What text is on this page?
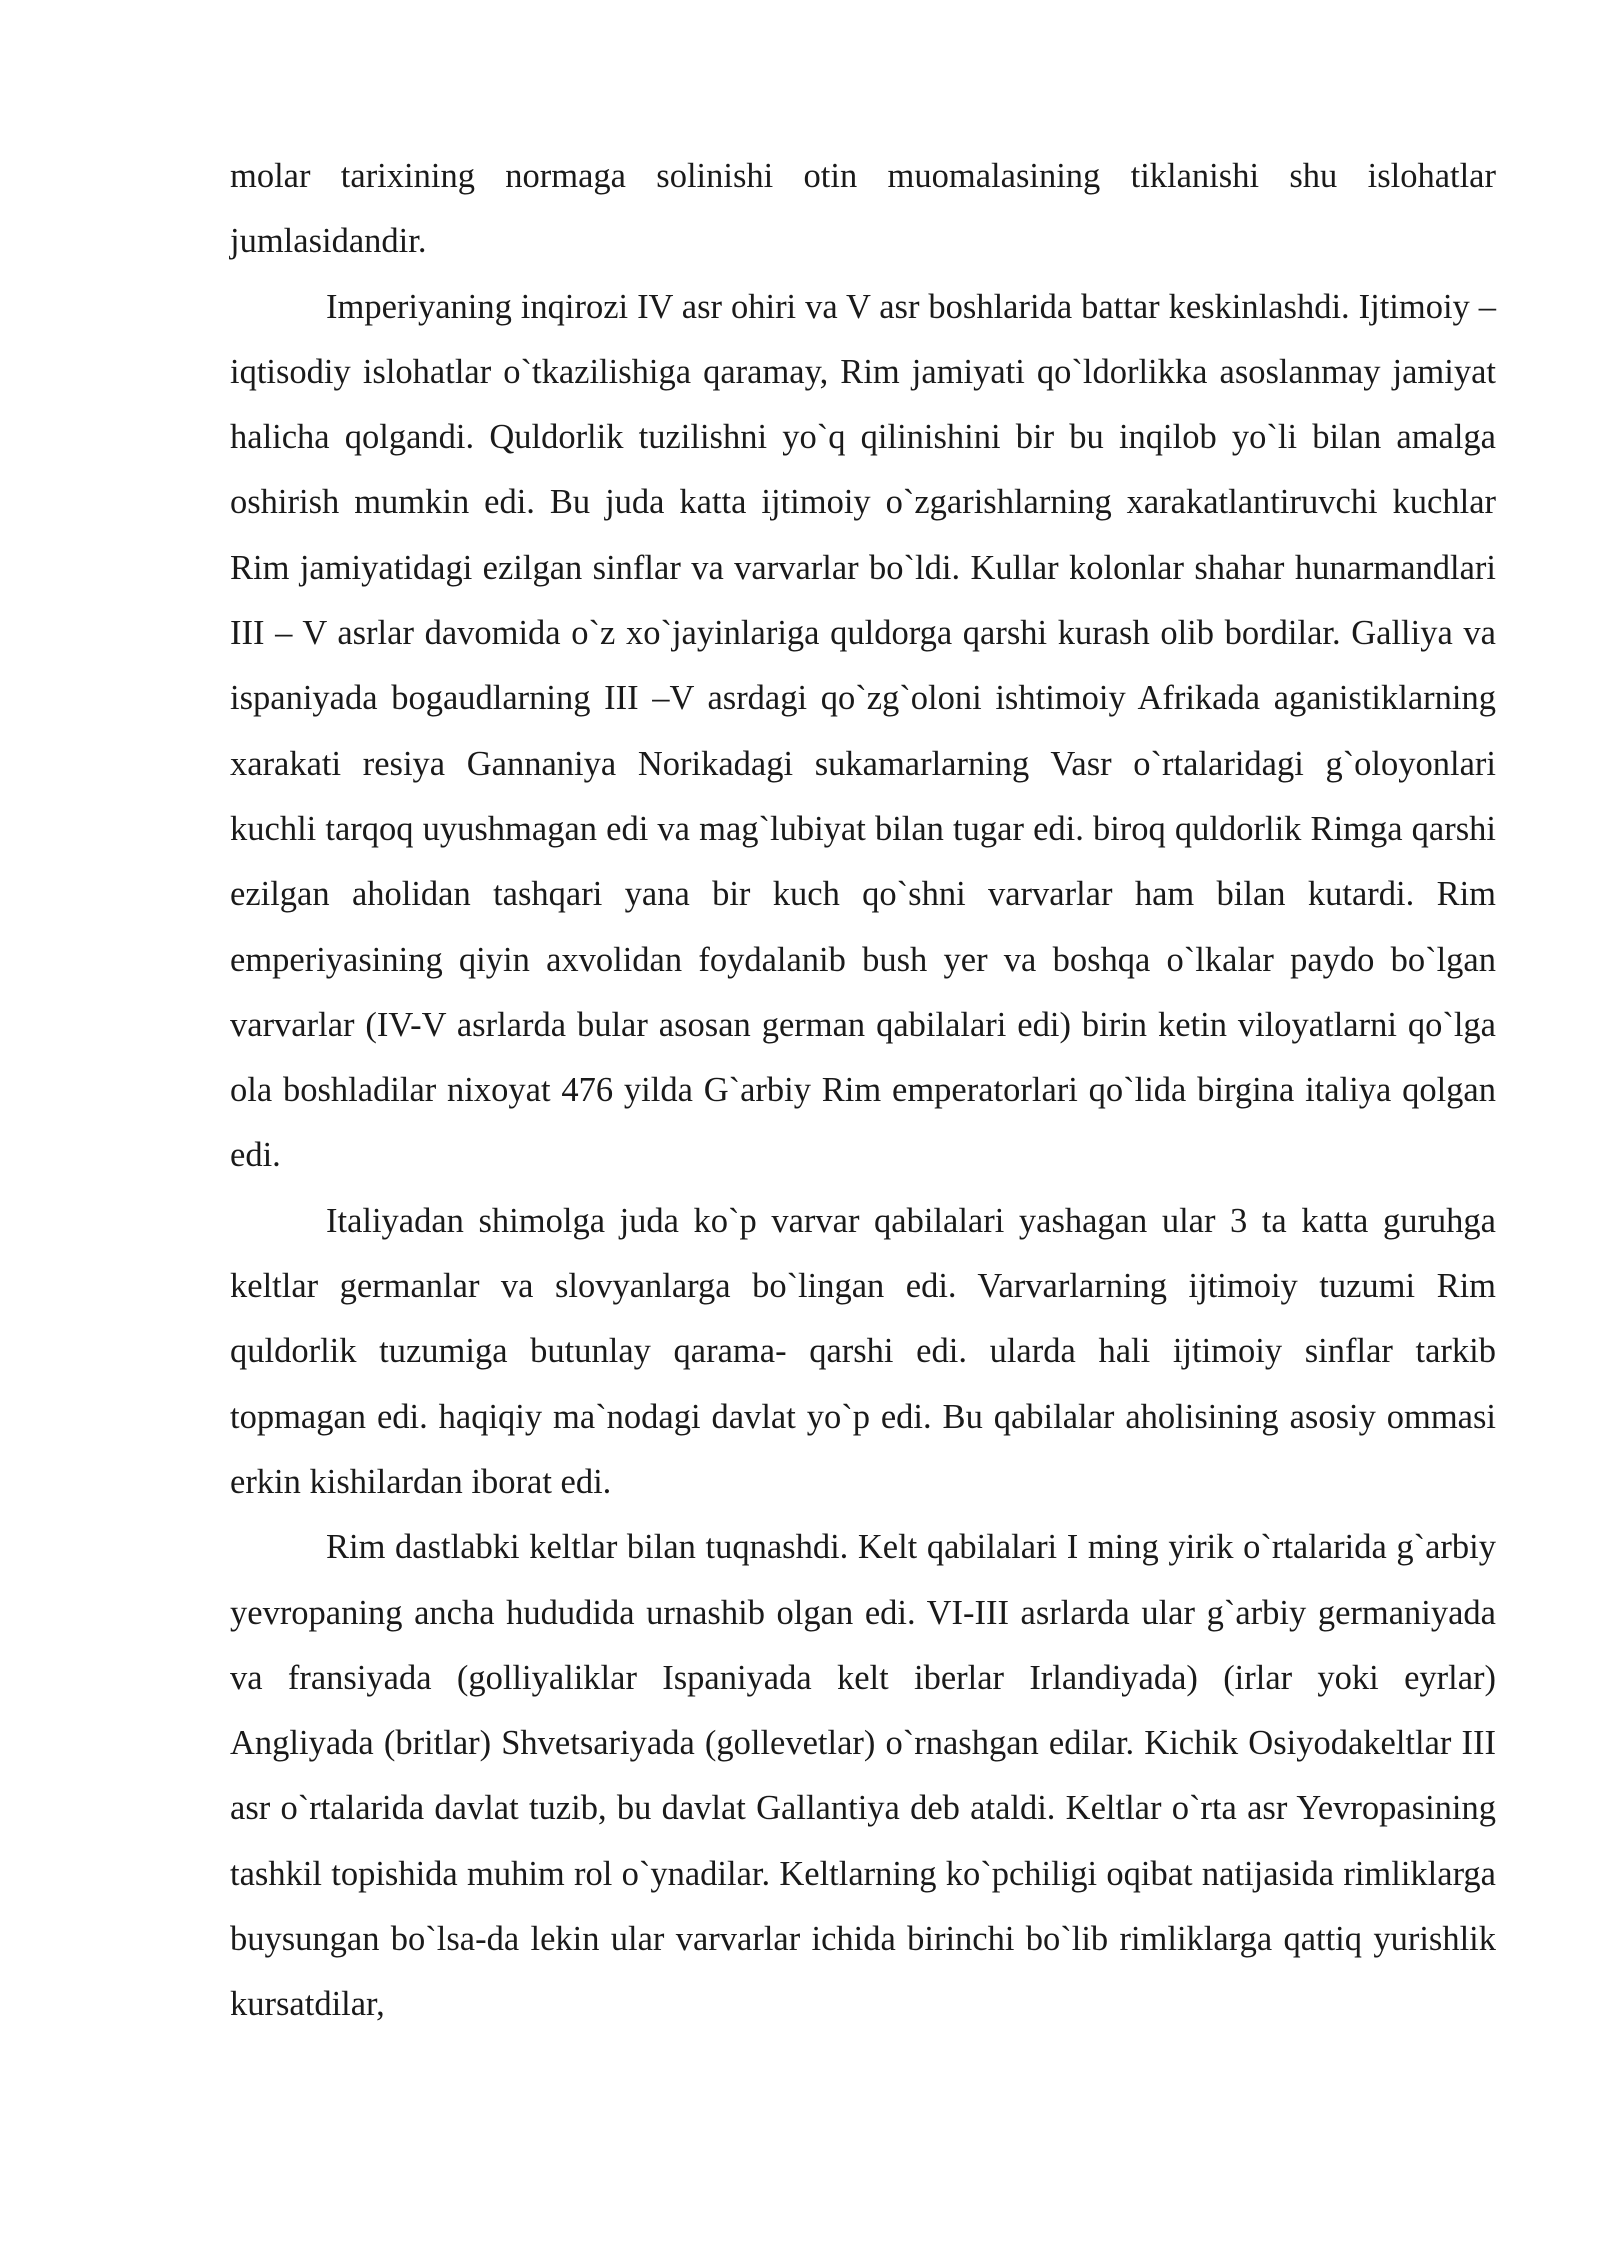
molar tarixining normaga solinishi otin muomalasining tiklanishi shu islohatlar jumlasidandir.

Imperiyaning inqirozi IV asr ohiri va V asr boshlarida battar keskinlashdi. Ijtimoiy – iqtisodiy islohatlar o`tkazilishiga qaramay, Rim jamiyati qo`ldorlikka asoslanmay jamiyat halicha qolgandi. Quldorlik tuzilishni yo`q qilinishini bir bu inqilob yo`li bilan amalga oshirish mumkin edi. Bu juda katta ijtimoiy o`zgarishlarning xarakatlantiruvchi kuchlar Rim jamiyatidagi ezilgan sinflar va varvarlar bo`ldi. Kullar kolonlar shahar hunarmandlari III – V asrlar davomida o`z xo`jayinlariga quldorga qarshi kurash olib bordilar. Galliya va ispaniyada bogaudlarning III –V asrdagi qo`zg`oloni ishtimoiy Afrikada aganistiklarning xarakati resiya Gannaniya Norikadagi sukamarlarning Vasr o`rtalaridagi g`oloyonlari kuchli tarqoq uyushmagan edi va mag`lubiyat bilan tugar edi. biroq quldorlik Rimga qarshi ezilgan aholidan tashqari yana bir kuch qo`shni varvarlar ham bilan kutardi. Rim emperiyasining qiyin axvolidan foydalanib bush yer va boshqa o`lkalar paydo bo`lgan varvarlar (IV-V asrlarda bular asosan german qabilalari edi) birin ketin viloyatlarni qo`lga ola boshladilar nixoyat 476 yilda G`arbiy Rim emperatorlari qo`lida birgina italiya qolgan edi.

Italiyadan shimolga juda ko`p varvar qabilalari yashagan ular 3 ta katta guruhga keltlar germanlar va slovyanlarga bo`lingan edi. Varvarlarning ijtimoiy tuzumi Rim quldorlik tuzumiga butunlay qarama- qarshi edi. ularda hali ijtimoiy sinflar tarkib topmagan edi. haqiqiy ma`nodagi davlat yo`p edi. Bu qabilalar aholisining asosiy ommasi erkin kishilardan iborat edi.

Rim dastlabki keltlar bilan tuqnashdi. Kelt qabilalari I ming yirik o`rtalarida g`arbiy yevropaning ancha hududida urnashib olgan edi. VI-III asrlarda ular g`arbiy germaniyada va fransiyada (golliyaliklar Ispaniyada kelt iberlar Irlandiyada) (irlar yoki eyrlar) Angliyada (britlar) Shvetsariyada (gollevetlar) o`rnashgan edilar. Kichik Osiyodakeltlar III asr o`rtalarida davlat tuzib, bu davlat Gallantiya deb ataldi. Keltlar o`rta asr Yevropasining tashkil topishida muhim rol o`ynadilar. Keltlarning ko`pchiligi oqibat natijasida rimliklarga buysungan bo`lsa-da lekin ular varvarlar ichida birinchi bo`lib rimliklarga qattiq yurishlik kursatdilar,
